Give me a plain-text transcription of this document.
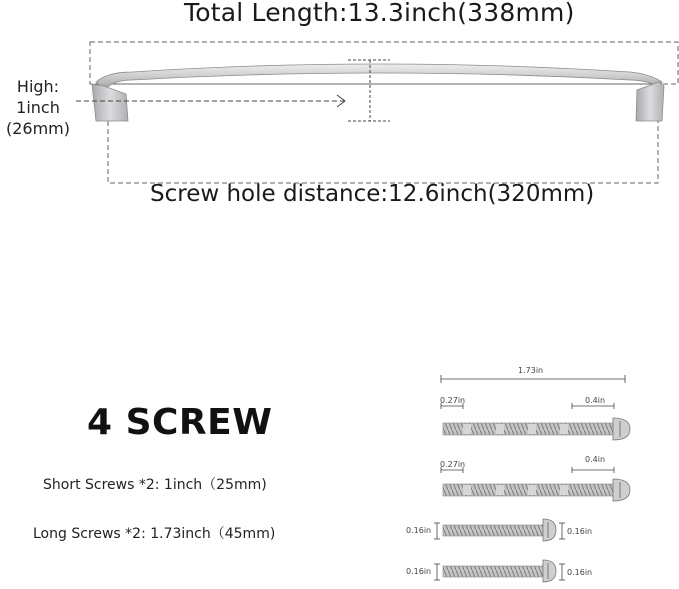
Total Length:13.3inch(338mm)
High:
1inch
(26mm)
Screw hole distance:12.6inch(320mm)
4 SCREW
Short Screws *2: 1inch（25mm)
Long Screws *2: 1.73inch（45mm)
1.73in
0.27in	0.4in
0.27in
0.4in
0.16in	0.16in
0.16in	0.16in
